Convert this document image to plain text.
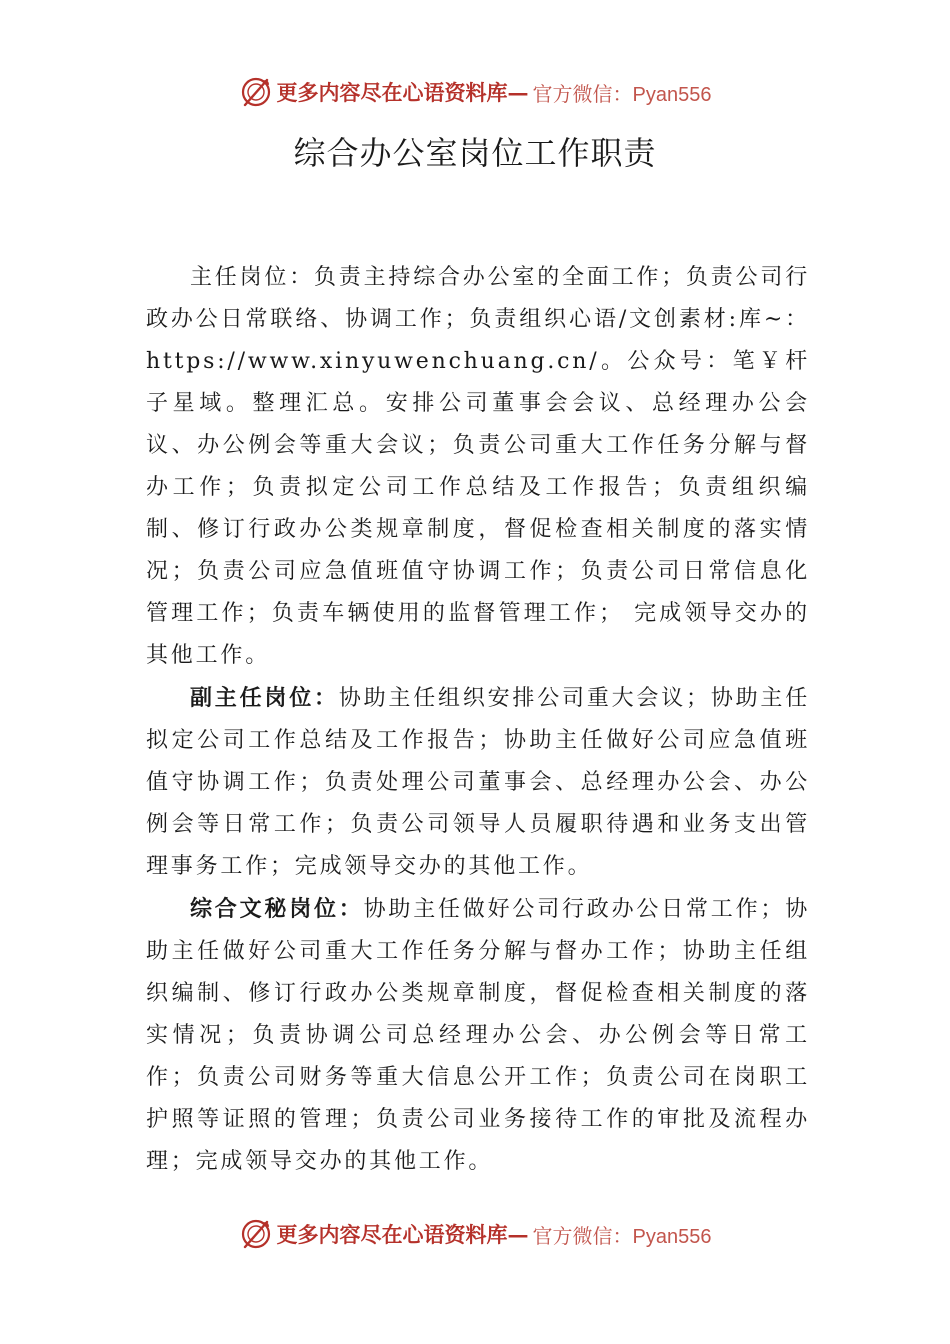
更多内容尽在心语资料库— 官方微信：Pyan556
综合办公室岗位工作职责

主任岗位：负责主持综合办公室的全面工作；负责公司行政办公日常联络、协调工作；负责组织心语/文创素材:库~：https://www.xinyuwenchuang.cn/。公众号：笔￥杆子星域。整理汇总。安排公司董事会会议、总经理办公会议、办公例会等重大会议；负责公司重大工作任务分解与督办工作；负责拟定公司工作总结及工作报告；负责组织编制、修订行政办公类规章制度，督促检查相关制度的落实情况；负责公司应急值班值守协调工作；负责公司日常信息化管理工作；负责车辆使用的监督管理工作； 完成领导交办的其他工作。

副主任岗位：协助主任组织安排公司重大会议；协助主任拟定公司工作总结及工作报告；协助主任做好公司应急值班值守协调工作；负责处理公司董事会、总经理办公会、办公例会等日常工作；负责公司领导人员履职待遇和业务支出管理事务工作；完成领导交办的其他工作。

综合文秘岗位：协助主任做好公司行政办公日常工作；协助主任做好公司重大工作任务分解与督办工作；协助主任组织编制、修订行政办公类规章制度，督促检查相关制度的落实情况；负责协调公司总经理办公会、办公例会等日常工作；负责公司财务等重大信息公开工作；负责公司在岗职工护照等证照的管理；负责公司业务接待工作的审批及流程办理；完成领导交办的其他工作。

更多内容尽在心语资料库— 官方微信：Pyan556
